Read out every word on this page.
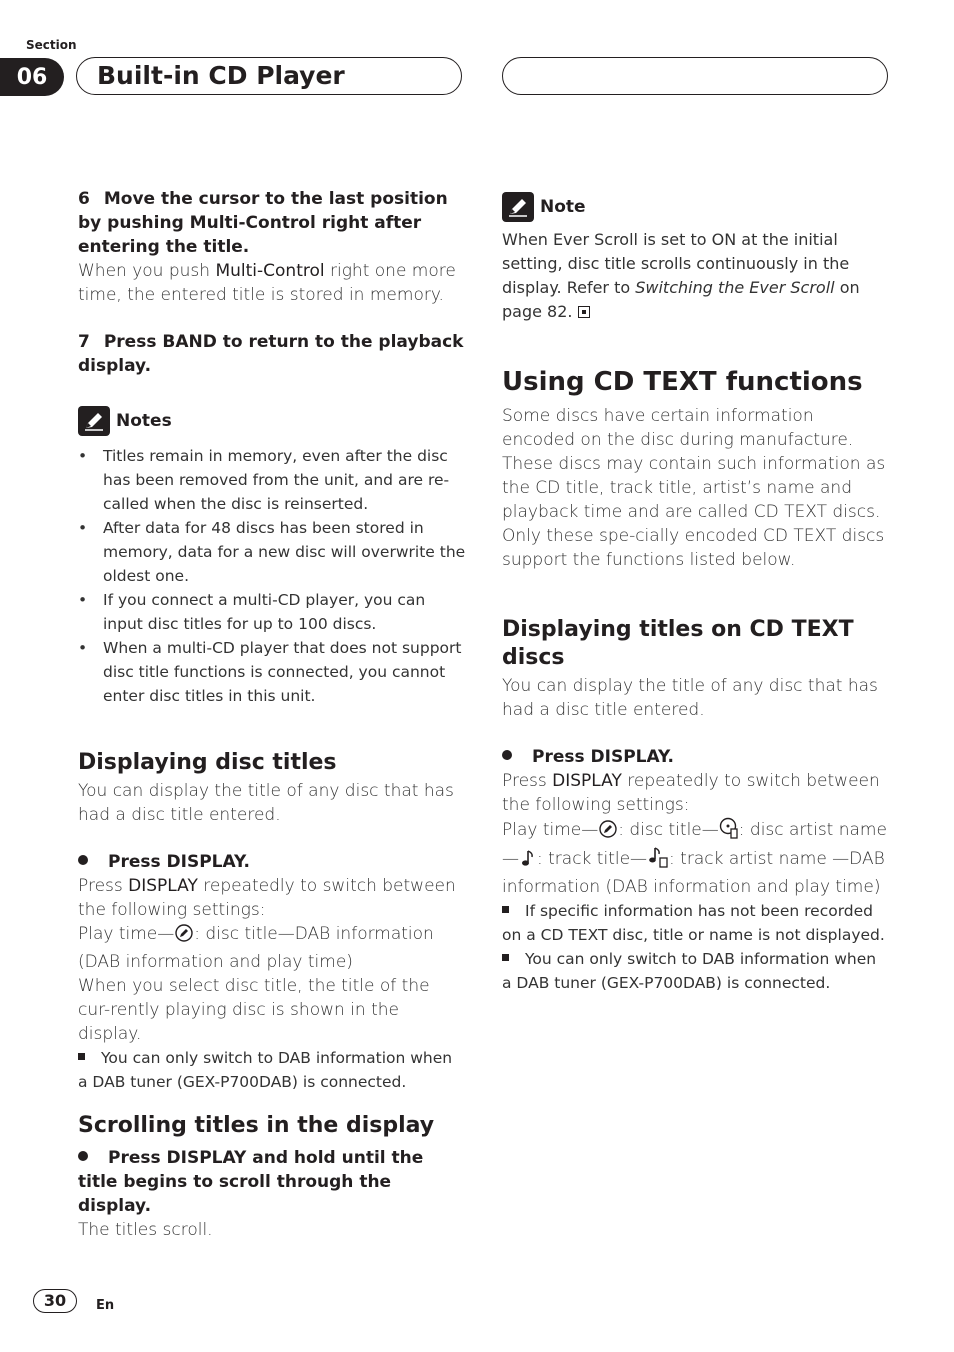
Section
06	Built-in CD Player

6 Move the cursor to the last position by pushing Multi-Control right after entering the title.

When you push Multi-Control right one more time, the entered title is stored in memory.

7 Press BAND to return to the playback display.

Notes
• Titles remain in memory, even after the disc has been removed from the unit, and are re-called when the disc is reinserted.
• After data for 48 discs has been stored in memory, data for a new disc will overwrite the oldest one.
• If you connect a multi-CD player, you can input disc titles for up to 100 discs.
• When a multi-CD player that does not support disc title functions is connected, you cannot enter disc titles in this unit.
Displaying disc titles

You can display the title of any disc that has had a disc title entered.

Press DISPLAY.

Press DISPLAY repeatedly to switch between the following settings:

Play time— : disc title—DAB information (DAB information and play time)

When you select disc title, the title of the cur-rently playing disc is shown in the display.

You can only switch to DAB information when a DAB tuner (GEX-P700DAB) is connected.

Scrolling titles in the display

Press DISPLAY and hold until the title begins to scroll through the display.

The titles scroll.

Note

When Ever Scroll is set to ON at the initial setting, disc title scrolls continuously in the display. Refer to Switching the Ever Scroll on page 82.

Using CD TEXT functions

Some discs have certain information encoded on the disc during manufacture. These discs may contain such information as the CD title, track title, artist’s name and playback time and are called CD TEXT discs. Only these spe-cially encoded CD TEXT discs support the functions listed below.

Displaying titles on CD TEXT discs

You can display the title of any disc that has had a disc title entered.

Press DISPLAY.

Press DISPLAY repeatedly to switch between the following settings:

Play time— : disc title— : disc artist name — : track title— : track artist name —DAB information (DAB information and play time)

If specific information has not been recorded on a CD TEXT disc, title or name is not displayed.

You can only switch to DAB information when a DAB tuner (GEX-P700DAB) is connected.

30	En
